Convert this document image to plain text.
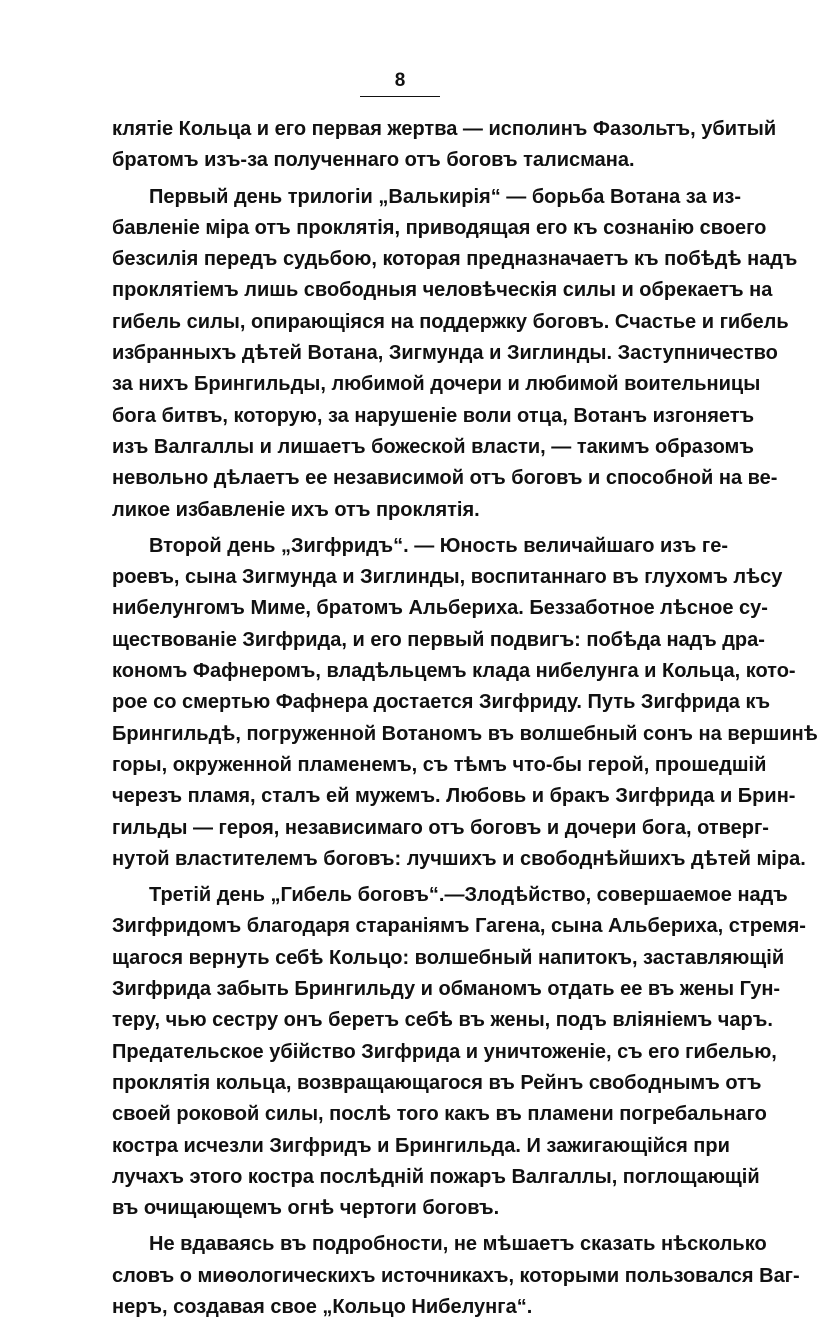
8
клятіе Кольца и его первая жертва — исполинъ Фазольтъ, убитый
братомъ изъ-за полученнаго отъ боговъ талисмана.
Первый день трилогіи „Валькирія“ — борьба Вотана за из-
бавленіе міра отъ проклятія, приводящая его къ сознанію своего
безсилія передъ судьбою, которая предназначаетъ къ побѣдѣ надъ
проклятіемъ лишь свободныя человѣческія силы и обрекаетъ на
гибель силы, опирающіяся на поддержку боговъ. Счастье и гибель
избранныхъ дѣтей Вотана, Зигмунда и Зиглинды. Заступничество
за нихъ Брингильды, любимой дочери и любимой воительницы
бога битвъ, которую, за нарушеніе воли отца, Вотанъ изгоняетъ
изъ Валгаллы и лишаетъ божеской власти, — такимъ образомъ
невольно дѣлаетъ ее независимой отъ боговъ и способной на ве-
ликое избавленіе ихъ отъ проклятія.
Второй день „Зигфридъ“. — Юность величайшаго изъ ге-
роевъ, сына Зигмунда и Зиглинды, воспитаннаго въ глухомъ лѣсу
нибелунгомъ Миме, братомъ Альбериха. Беззаботное лѣсное су-
ществованіе Зигфрида, и его первый подвигъ: побѣда надъ дра-
кономъ Фафнеромъ, владѣльцемъ клада нибелунга и Кольца, кото-
рое со смертью Фафнера достается Зигфриду. Путь Зигфрида къ
Брингильдѣ, погруженной Вотаномъ въ волшебный сонъ на вершинѣ
горы, окруженной пламенемъ, съ тѣмъ что-бы герой, прошедшій
черезъ пламя, сталъ ей мужемъ. Любовь и бракъ Зигфрида и Брин-
гильды — героя, независимаго отъ боговъ и дочери бога, отверг-
нутой властителемъ боговъ: лучшихъ и свободнѣйшихъ дѣтей міра.
Третій день „Гибель боговъ“.—Злодѣйство, совершаемое надъ
Зигфридомъ благодаря стараніямъ Гагена, сына Альбериха, стремя-
щагося вернуть себѣ Кольцо: волшебный напитокъ, заставляющій
Зигфрида забыть Брингильду и обманомъ отдать ее въ жены Гун-
теру, чью сестру онъ беретъ себѣ въ жены, подъ вліяніемъ чаръ.
Предательское убійство Зигфрида и уничтоженіе, съ его гибелью,
проклятія кольца, возвращающагося въ Рейнъ свободнымъ отъ
своей роковой силы, послѣ того какъ въ пламени погребальнаго
костра исчезли Зигфридъ и Брингильда. И зажигающійся при
лучахъ этого костра послѣдній пожаръ Валгаллы, поглощающій
въ очищающемъ огнѣ чертоги боговъ.
Не вдаваясь въ подробности, не мѣшаетъ сказать нѣсколько
словъ о миѳологическихъ источникахъ, которыми пользовался Ваг-
неръ, создавая свое „Кольцо Нибелунга“.
